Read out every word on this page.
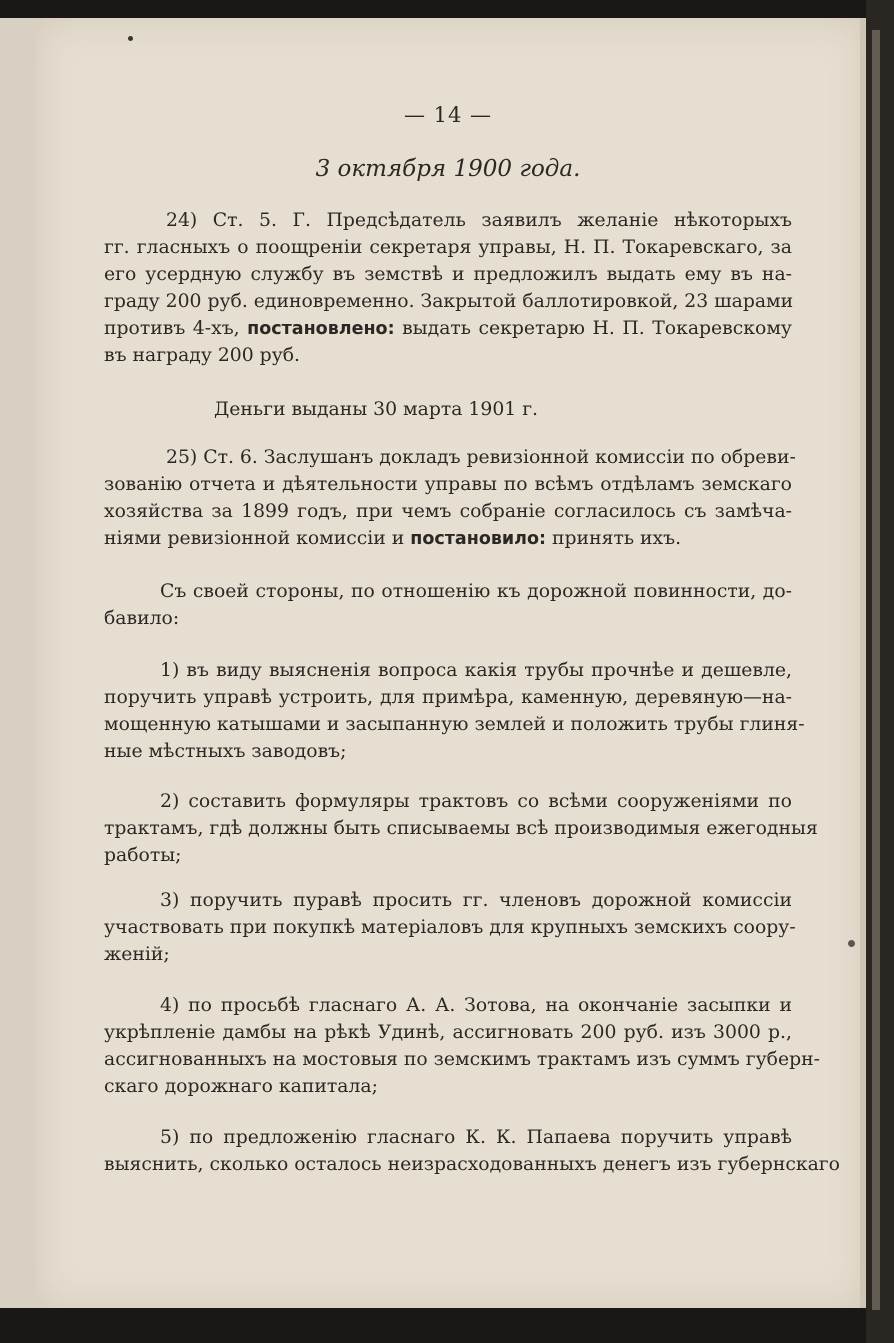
— 14 —
3 октября 1900 года.
24) Ст. 5. Г. Предсѣдатель заявилъ желаніе нѣкоторыхъ
гг. гласныхъ о поощреніи секретаря управы, Н. П. Токаревскаго, за
его усердную службу въ земствѣ и предложилъ выдать ему въ на-
граду 200 руб. единовременно. Закрытой баллотировкой, 23 шарами
противъ 4-хъ, постановлено: выдать секретарю Н. П. Токаревскому
въ награду 200 руб.
Деньги выданы 30 марта 1901 г.
25) Ст. 6. Заслушанъ докладъ ревизіонной комиссіи по обреви-
зованію отчета и дѣятельности управы по всѣмъ отдѣламъ земскаго
хозяйства за 1899 годъ, при чемъ собраніе согласилось съ замѣча-
ніями ревизіонной комиссіи и постановило: принять ихъ.
Съ своей стороны, по отношенію къ дорожной повинности, до-
бавило:
1) въ виду выясненія вопроса какія трубы прочнѣе и дешевле,
поручить управѣ устроить, для примѣра, каменную, деревяную—на-
мощенную катышами и засыпанную землей и положить трубы глиня-
ные мѣстныхъ заводовъ;
2) составить формуляры трактовъ со всѣми сооруженіями по
трактамъ, гдѣ должны быть списываемы всѣ производимыя ежегодныя
работы;
3) поручить пуравѣ просить гг. членовъ дорожной комиссіи
участвовать при покупкѣ матеріаловъ для крупныхъ земскихъ соору-
женій;
4) по просьбѣ гласнаго А. А. Зотова, на окончаніе засыпки и
укрѣпленіе дамбы на рѣкѣ Удинѣ, ассигновать 200 руб. изъ 3000 р.,
ассигнованныхъ на мостовыя по земскимъ трактамъ изъ суммъ губерн-
скаго дорожнаго капитала;
5) по предложенію гласнаго К. К. Папаева поручить управѣ
выяснить, сколько осталось неизрасходованныхъ денегъ изъ губернскаго
